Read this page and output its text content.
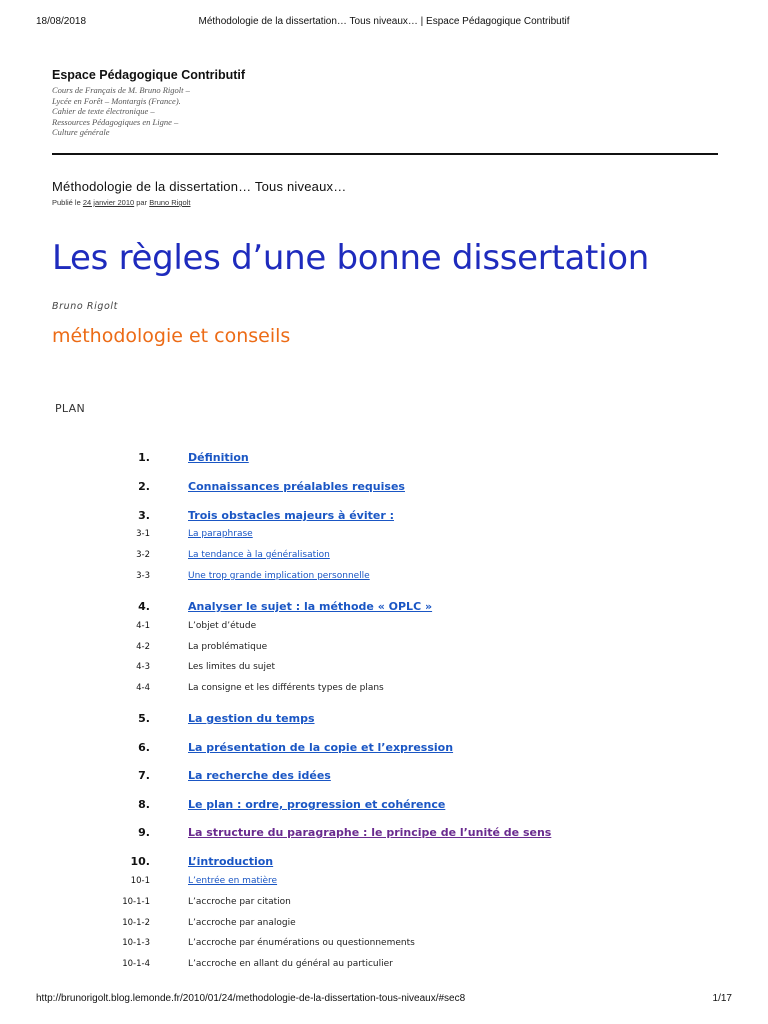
18/08/2018	Méthodologie de la dissertation… Tous niveaux… | Espace Pédagogique Contributif
Espace Pédagogique Contributif
Cours de Français de M. Bruno Rigolt –
Lycée en Forêt – Montargis (France).
Cahier de texte électronique –
Ressources Pédagogiques en Ligne –
Culture générale
Méthodologie de la dissertation… Tous niveaux…
Publié le 24 janvier 2010 par Bruno Rigolt
Les règles d’une bonne dissertation
Bruno Rigolt
méthodologie et conseils
PLAN
1.	Définition
2.	Connaissances préalables requises
3.	Trois obstacles majeurs à éviter :
3-1	La paraphrase
3-2	La tendance à la généralisation
3-3	Une trop grande implication personnelle
4.	Analyser le sujet : la méthode « OPLC »
4-1	L’objet d’étude
4-2	La problématique
4-3	Les limites du sujet
4-4	La consigne et les différents types de plans
5.	La gestion du temps
6.	La présentation de la copie et l’expression
7.	La recherche des idées
8.	Le plan : ordre, progression et cohérence
9.	La structure du paragraphe : le principe de l’unité de sens
10.	L’introduction
10-1	L’entrée en matière
10-1-1	L’accroche par citation
10-1-2	L’accroche par analogie
10-1-3	L’accroche par énumérations ou questionnements
10-1-4	L’accroche en allant du général au particulier
http://brunorigolt.blog.lemonde.fr/2010/01/24/methodologie-de-la-dissertation-tous-niveaux/#sec8	1/17
